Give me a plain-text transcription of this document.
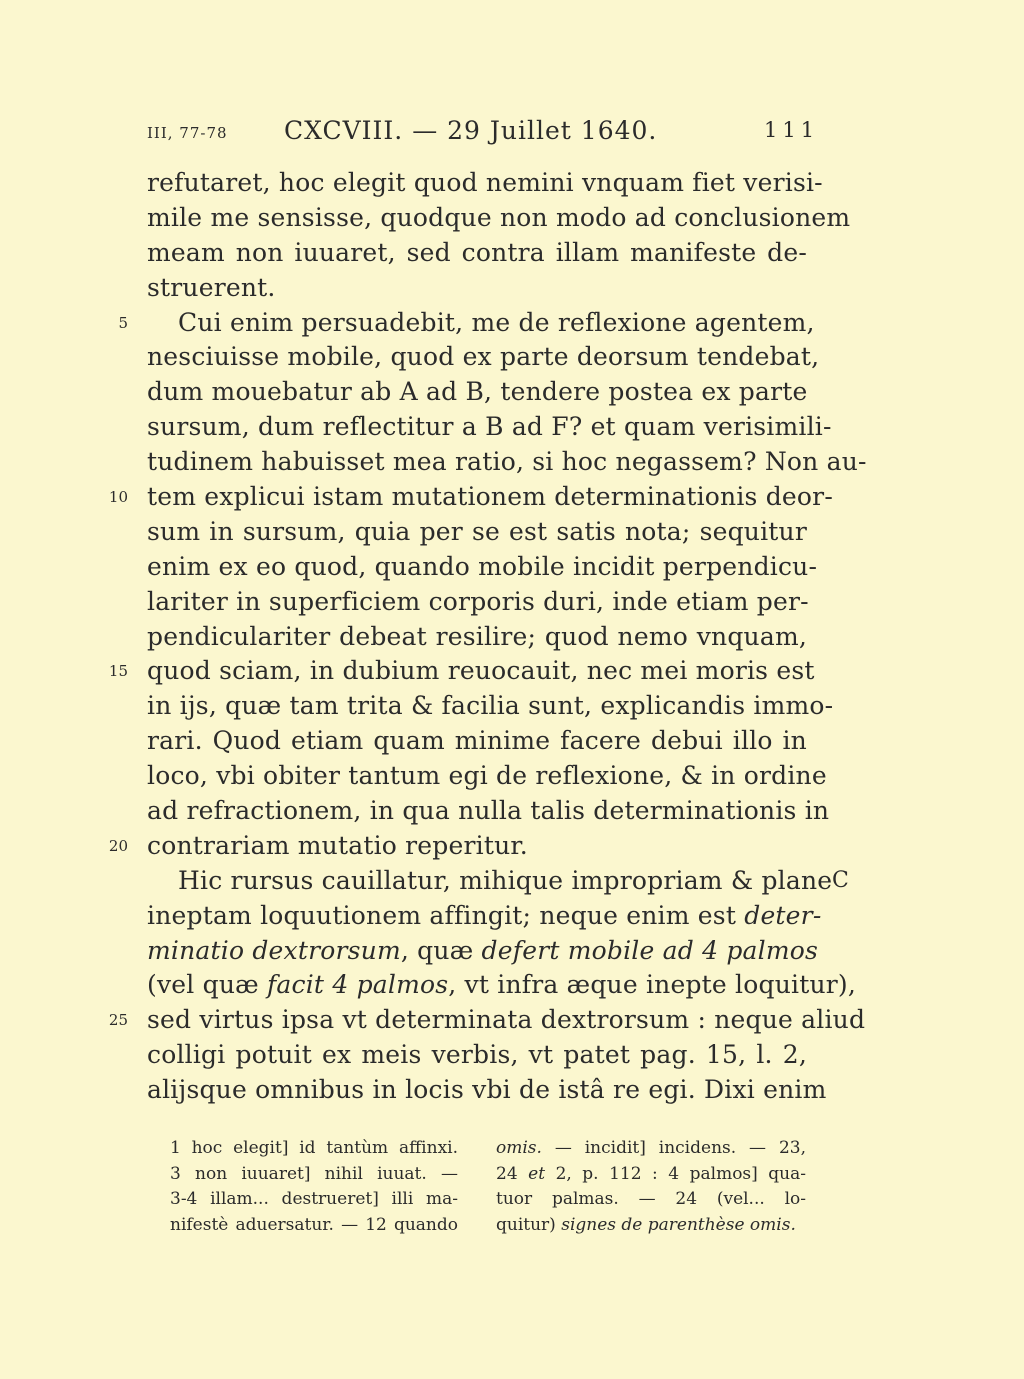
III, 77-78 CXCVIII. — 29 Juillet 1640.	111
refutaret, hoc elegit quod nemini vnquam fiet verisi-
mile me sensisse, quodque non modo ad conclusionem
meam non iuuaret, sed contra illam manifeste de-
struerent.
5	Cui enim persuadebit, me de reflexione agentem,
nesciuisse mobile, quod ex parte deorsum tendebat,
dum mouebatur ab A ad B, tendere postea ex parte
sursum, dum reflectitur a B ad F? et quam verisimili-
tudinem habuisset mea ratio, si hoc negassem? Non au-
10 tem explicui istam mutationem determinationis deor-
sum in sursum, quia per se est satis nota; sequitur
enim ex eo quod, quando mobile incidit perpendicu-
lariter in superficiem corporis duri, inde etiam per-
pendiculariter debeat resilire; quod nemo vnquam,
15 quod sciam, in dubium reuocauit, nec mei moris est
in ijs, quæ tam trita & facilia sunt, explicandis immo-
rari. Quod etiam quam minime facere debui illo in
loco, vbi obiter tantum egi de reflexione, & in ordine
ad refractionem, in qua nulla talis determinationis in
20 contrariam mutatio reperitur.
Hic rursus cauillatur, mihique impropriam & plane C
ineptam loquutionem affingit; neque enim est deter-
minatio dextrorsum, quæ defert mobile ad 4 palmos
(vel quæ facit 4 palmos, vt infra æque inepte loquitur),
25 sed virtus ipsa vt determinata dextrorsum : neque aliud
colligi potuit ex meis verbis, vt patet pag. 15, l. 2,
alijsque omnibus in locis vbi de istâ re egi. Dixi enim
1 hoc elegit] id tantùm affinxi.
3 non iuuaret] nihil iuuat. —
3-4 illam... destrueret] illi ma-
nifestè aduersatur. — 12 quando
omis. — incidit] incidens. — 23,
24 et 2, p. 112 : 4 palmos] qua-
tuor palmas. — 24 (vel... lo-
quitur) signes de parenthèse omis.
